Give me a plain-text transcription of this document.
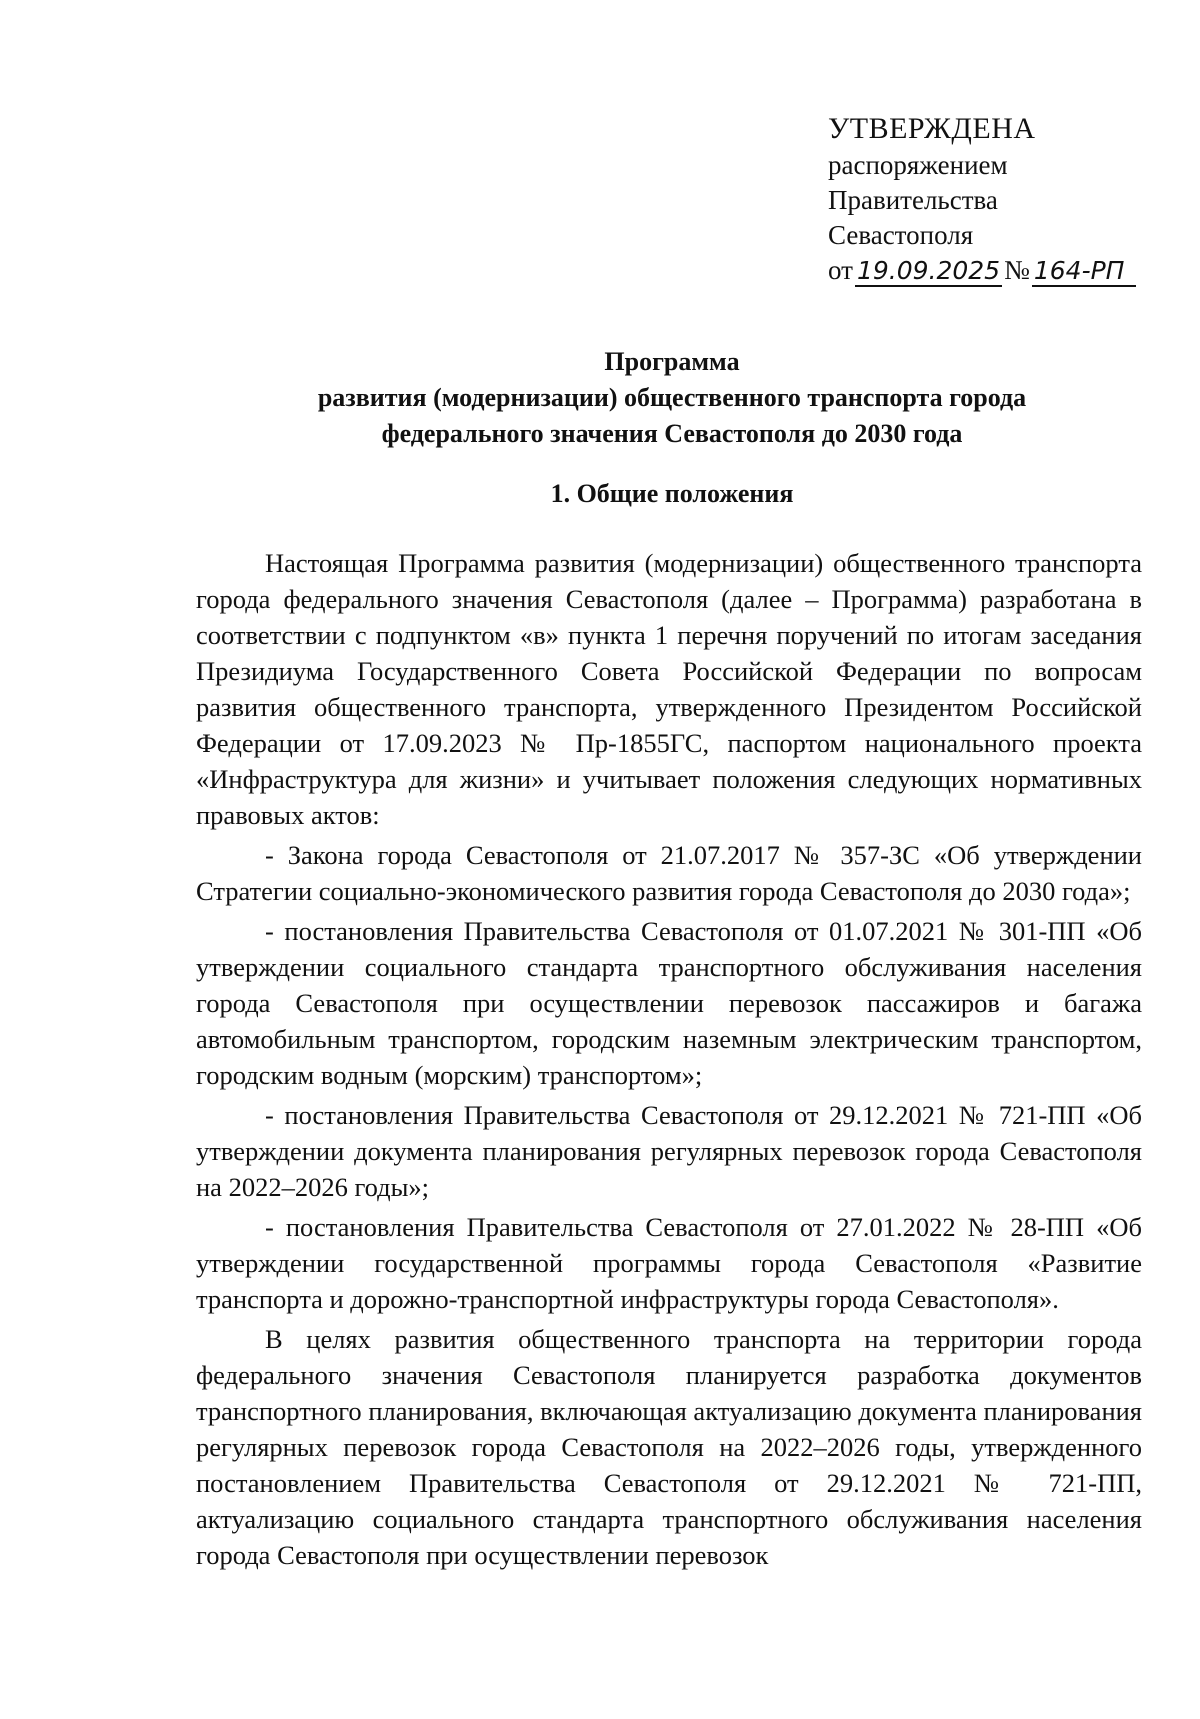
УТВЕРЖДЕНА
распоряжением
Правительства
Севастополя
от 19.09.2025 № 164-РП
Программа
развития (модернизации) общественного транспорта города
федерального значения Севастополя до 2030 года
1. Общие положения

Настоящая Программа развития (модернизации) общественного транспорта города федерального значения Севастополя (далее – Программа) разработана в соответствии с подпунктом «в» пункта 1 перечня поручений по итогам заседания Президиума Государственного Совета Российской Федерации по вопросам развития общественного транспорта, утвержденного Президентом Российской Федерации от 17.09.2023 № Пр-1855ГС, паспортом национального проекта «Инфраструктура для жизни» и учитывает положения следующих нормативных правовых актов:

- Закона города Севастополя от 21.07.2017 № 357-ЗС «Об утверждении Стратегии социально-экономического развития города Севастополя до 2030 года»;

- постановления Правительства Севастополя от 01.07.2021 № 301-ПП «Об утверждении социального стандарта транспортного обслуживания населения города Севастополя при осуществлении перевозок пассажиров и багажа автомобильным транспортом, городским наземным электрическим транспортом, городским водным (морским) транспортом»;

- постановления Правительства Севастополя от 29.12.2021 № 721-ПП «Об утверждении документа планирования регулярных перевозок города Севастополя на 2022–2026 годы»;

- постановления Правительства Севастополя от 27.01.2022 № 28-ПП «Об утверждении государственной программы города Севастополя «Развитие транспорта и дорожно-транспортной инфраструктуры города Севастополя».

В целях развития общественного транспорта на территории города федерального значения Севастополя планируется разработка документов транспортного планирования, включающая актуализацию документа планирования регулярных перевозок города Севастополя на 2022–2026 годы, утвержденного постановлением Правительства Севастополя от 29.12.2021 № 721-ПП, актуализацию социального стандарта транспортного обслуживания населения города Севастополя при осуществлении перевозок
